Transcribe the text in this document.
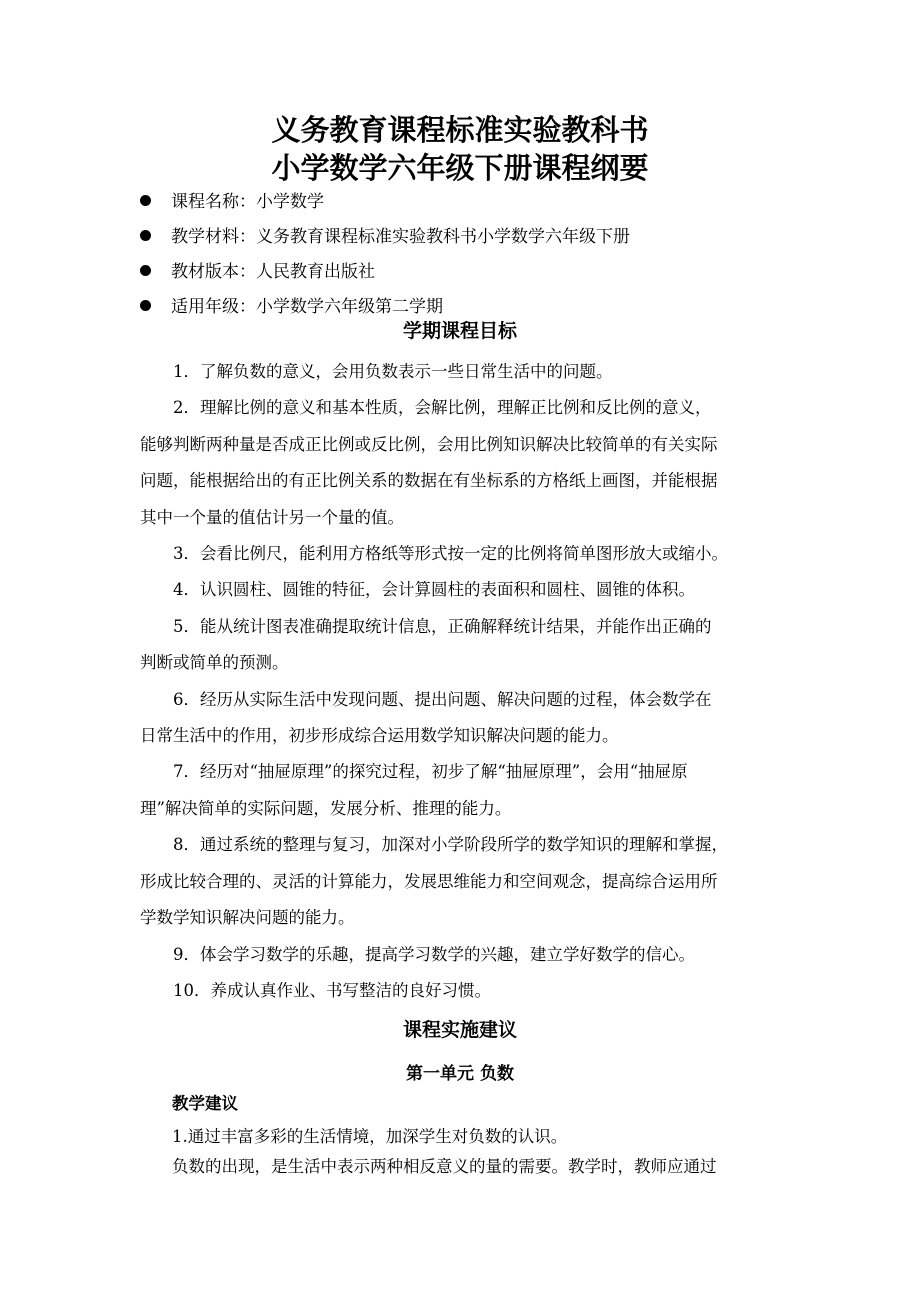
义务教育课程标准实验教科书
小学数学六年级下册课程纲要
课程名称：小学数学
教学材料：义务教育课程标准实验教科书小学数学六年级下册
教材版本：人民教育出版社
适用年级：小学数学六年级第二学期
学期课程目标

1．了解负数的意义，会用负数表示一些日常生活中的问题。

2．理解比例的意义和基本性质，会解比例，理解正比例和反比例的意义，
能够判断两种量是否成正比例或反比例，会用比例知识解决比较简单的有关实际
问题，能根据给出的有正比例关系的数据在有坐标系的方格纸上画图，并能根据
其中一个量的值估计另一个量的值。

3．会看比例尺，能利用方格纸等形式按一定的比例将简单图形放大或缩小。

4．认识圆柱、圆锥的特征，会计算圆柱的表面积和圆柱、圆锥的体积。

5．能从统计图表准确提取统计信息，正确解释统计结果，并能作出正确的
判断或简单的预测。

6．经历从实际生活中发现问题、提出问题、解决问题的过程，体会数学在
日常生活中的作用，初步形成综合运用数学知识解决问题的能力。

7．经历对“抽屉原理”的探究过程，初步了解“抽屉原理”，会用“抽屉原
理”解决简单的实际问题，发展分析、推理的能力。

8．通过系统的整理与复习，加深对小学阶段所学的数学知识的理解和掌握，
形成比较合理的、灵活的计算能力，发展思维能力和空间观念，提高综合运用所
学数学知识解决问题的能力。

9．体会学习数学的乐趣，提高学习数学的兴趣，建立学好数学的信心。

10．养成认真作业、书写整洁的良好习惯。

课程实施建议
第一单元 负数

教学建议

1.通过丰富多彩的生活情境，加深学生对负数的认识。

负数的出现，是生活中表示两种相反意义的量的需要。教学时，教师应通过
